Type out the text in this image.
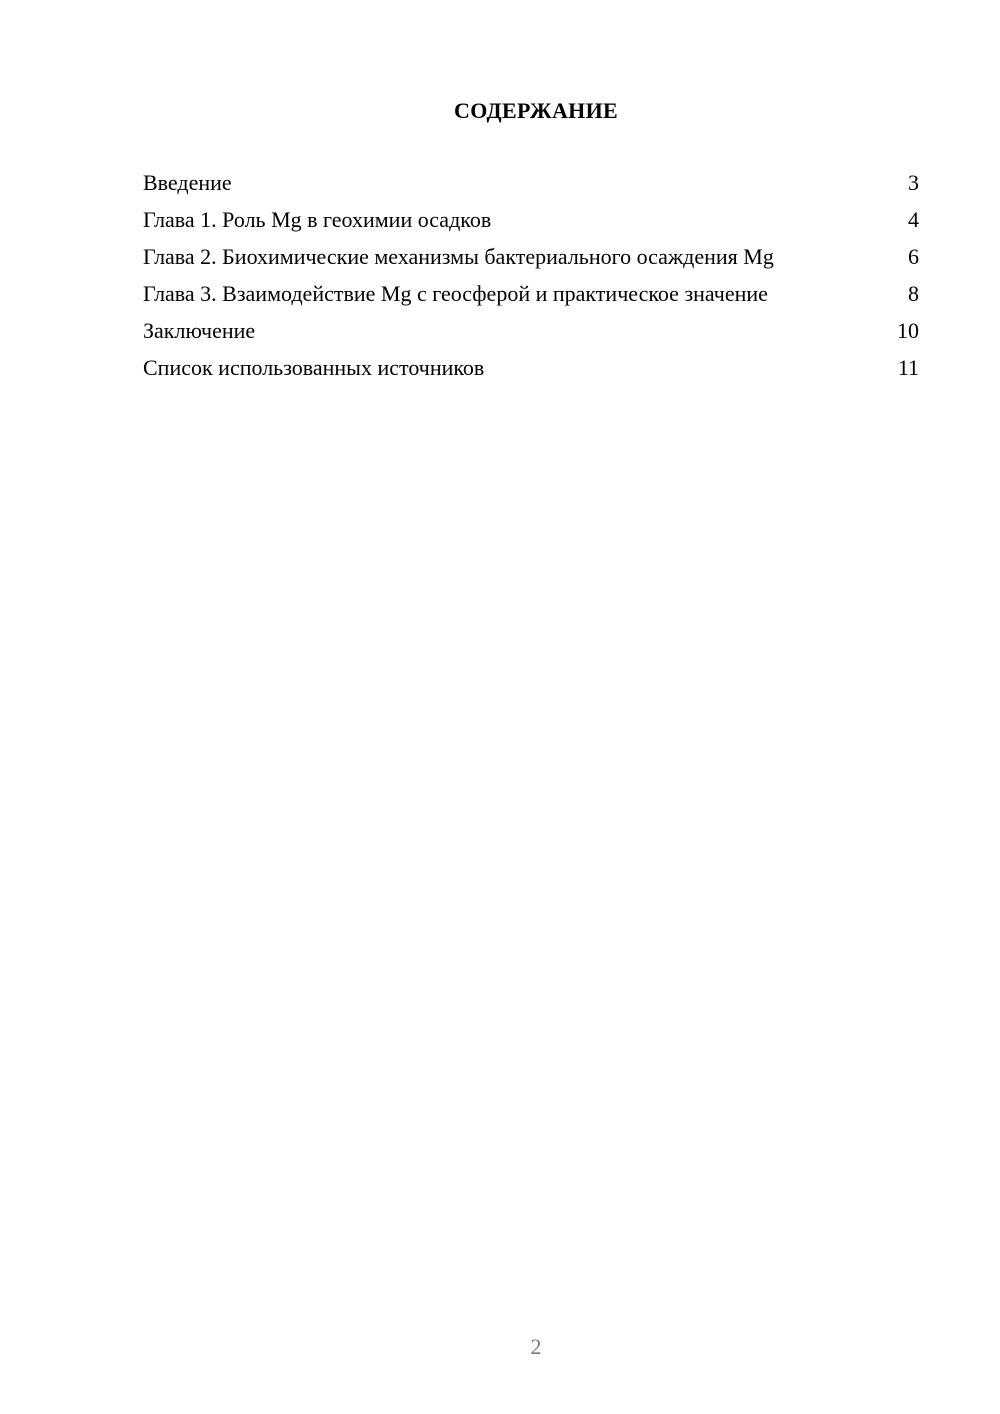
СОДЕРЖАНИЕ
Введение	3
Глава 1. Роль Mg в геохимии осадков	4
Глава 2. Биохимические механизмы бактериального осаждения Mg	6
Глава 3. Взаимодействие Mg с геосферой и практическое значение	8
Заключение	10
Список использованных источников	11
2
